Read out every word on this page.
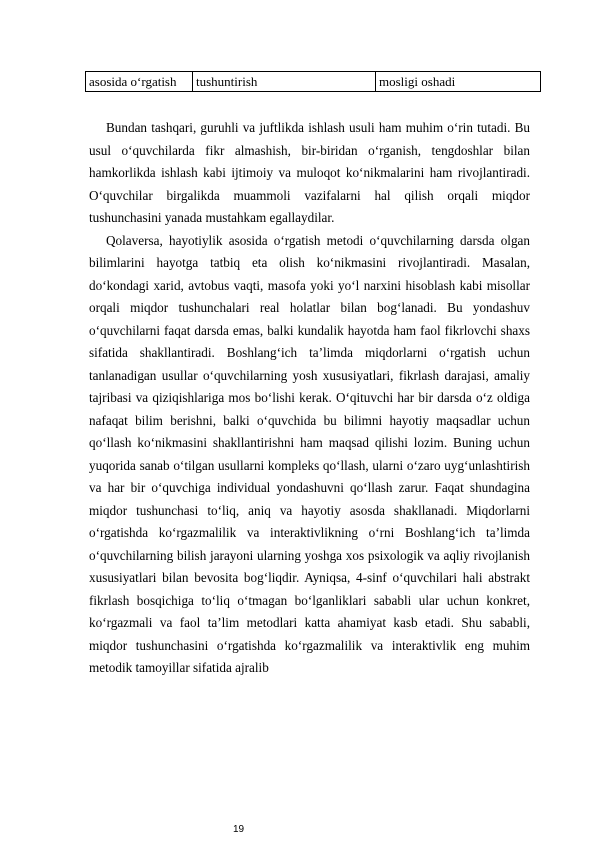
asosida o‘rgatish	tushuntirish	mosligi oshadi

Bundan tashqari, guruhli va juftlikda ishlash usuli ham muhim o‘rin tutadi. Bu usul o‘quvchilarda fikr almashish, bir-biridan o‘rganish, tengdoshlar bilan hamkorlikda ishlash kabi ijtimoiy va muloqot ko‘nikmalarini ham rivojlantiradi. O‘quvchilar birgalikda muammoli vazifalarni hal qilish orqali miqdor tushunchasini yanada mustahkam egallaydilar.

Qolaversa, hayotiylik asosida o‘rgatish metodi o‘quvchilarning darsda olgan bilimlarini hayotga tatbiq eta olish ko‘nikmasini rivojlantiradi. Masalan, do‘kondagi xarid, avtobus vaqti, masofa yoki yo‘l narxini hisoblash kabi misollar orqali miqdor tushunchalari real holatlar bilan bog‘lanadi. Bu yondashuv o‘quvchilarni faqat darsda emas, balki kundalik hayotda ham faol fikrlovchi shaxs sifatida shakllantiradi. Boshlang‘ich ta’limda miqdorlarni o‘rgatish uchun tanlanadigan usullar o‘quvchilarning yosh xususiyatlari, fikrlash darajasi, amaliy tajribasi va qiziqishlariga mos bo‘lishi kerak. O‘qituvchi har bir darsda o‘z oldiga nafaqat bilim berishni, balki o‘quvchida bu bilimni hayotiy maqsadlar uchun qo‘llash ko‘nikmasini shakllantirishni ham maqsad qilishi lozim. Buning uchun yuqorida sanab o‘tilgan usullarni kompleks qo‘llash, ularni o‘zaro uyg‘unlashtirish va har bir o‘quvchiga individual yondashuvni qo‘llash zarur. Faqat shundagina miqdor tushunchasi to‘liq, aniq va hayotiy asosda shakllanadi. Miqdorlarni o‘rgatishda ko‘rgazmalilik va interaktivlikning o‘rni Boshlang‘ich ta’limda o‘quvchilarning bilish jarayoni ularning yoshga xos psixologik va aqliy rivojlanish xususiyatlari bilan bevosita bog‘liqdir. Ayniqsa, 4-sinf o‘quvchilari hali abstrakt fikrlash bosqichiga to‘liq o‘tmagan bo‘lganliklari sababli ular uchun konkret, ko‘rgazmali va faol ta’lim metodlari katta ahamiyat kasb etadi. Shu sababli, miqdor tushunchasini o‘rgatishda ko‘rgazmalilik va interaktivlik eng muhim metodik tamoyillar sifatida ajralib

19
